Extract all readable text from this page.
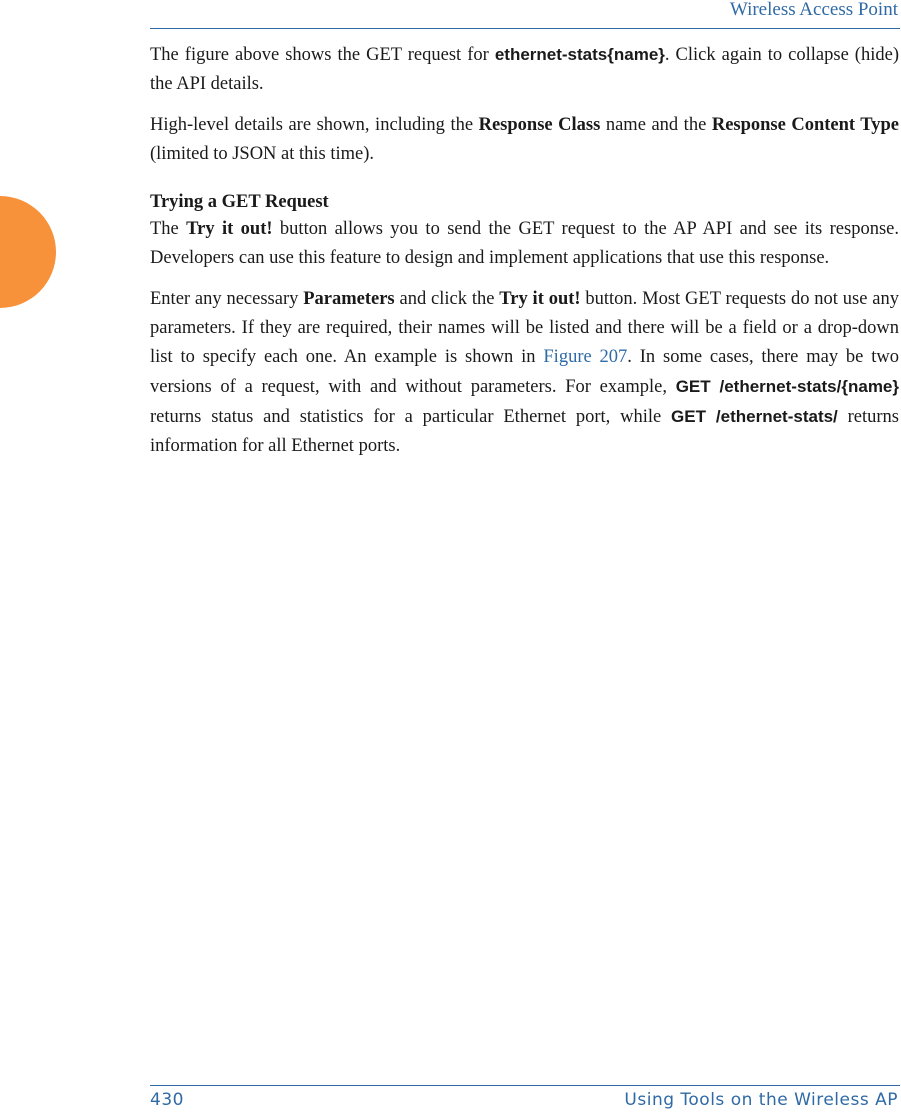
Wireless Access Point

The figure above shows the GET request for ethernet-stats{name}. Click again to collapse (hide) the API details.

High-level details are shown, including the Response Class name and the Response Content Type (limited to JSON at this time).

Trying a GET Request

The Try it out! button allows you to send the GET request to the AP API and see its response. Developers can use this feature to design and implement applications that use this response.

Enter any necessary Parameters and click the Try it out! button. Most GET requests do not use any parameters. If they are required, their names will be listed and there will be a field or a drop-down list to specify each one. An example is shown in Figure 207. In some cases, there may be two versions of a request, with and without parameters. For example, GET /ethernet-stats/{name} returns status and statistics for a particular Ethernet port, while GET /ethernet-stats/ returns information for all Ethernet ports.

430	Using Tools on the Wireless AP
